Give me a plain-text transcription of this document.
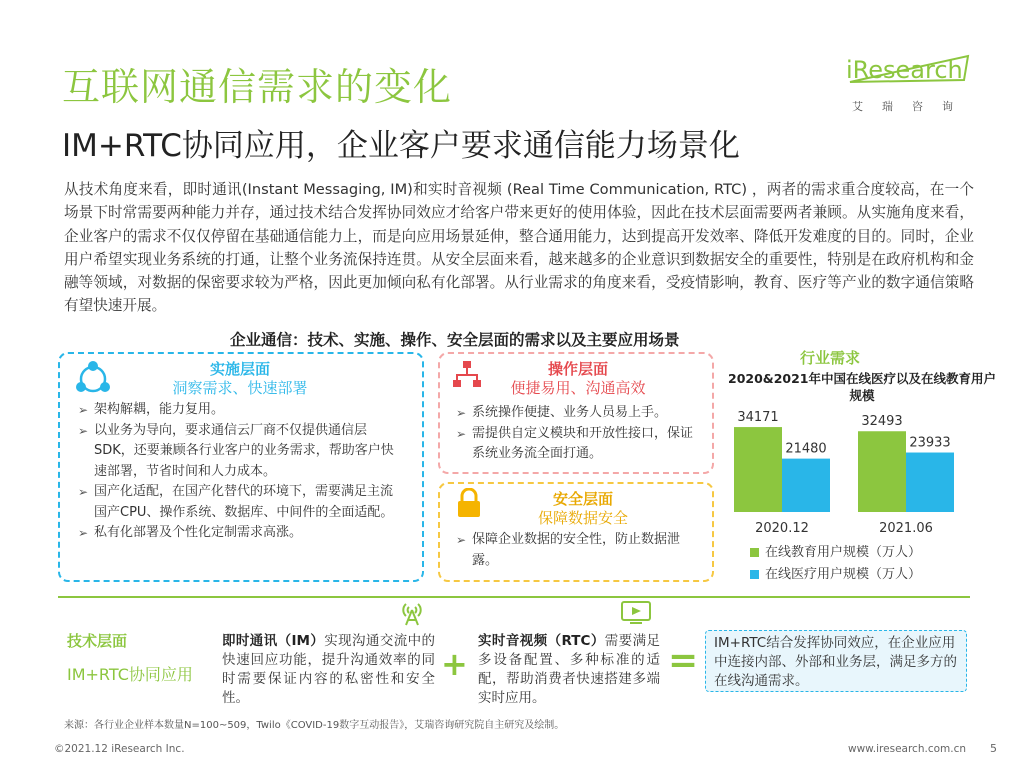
互联网通信需求的变化
IM+RTC协同应用，企业客户要求通信能力场景化
iResearch
艾瑞咨询
从技术角度来看，即时通讯(Instant Messaging, IM)和实时音视频 (Real Time Communication, RTC) ，两者的需求重合度较高，在一个场景下时常需要两种能力并存，通过技术结合发挥协同效应才给客户带来更好的使用体验，因此在技术层面需要两者兼顾。从实施角度来看，企业客户的需求不仅仅停留在基础通信能力上，而是向应用场景延伸，整合通用能力，达到提高开发效率、降低开发难度的目的。同时，企业用户希望实现业务系统的打通，让整个业务流保持连贯。从安全层面来看，越来越多的企业意识到数据安全的重要性，特别是在政府机构和金融等领域，对数据的保密要求较为严格，因此更加倾向私有化部署。从行业需求的角度来看，受疫情影响，教育、医疗等产业的数字通信策略有望快速开展。
企业通信：技术、实施、操作、安全层面的需求以及主要应用场景
实施层面
洞察需求、快速部署
➢ 架构解耦，能力复用。
➢ 以业务为导向，要求通信云厂商不仅提供通信层SDK，还要兼顾各行业客户的业务需求，帮助客户快速部署，节省时间和人力成本。
➢ 国产化适配，在国产化替代的环境下，需要满足主流国产CPU、操作系统、数据库、中间件的全面适配。
➢ 私有化部署及个性化定制需求高涨。
操作层面
便捷易用、沟通高效
➢ 系统操作便捷、业务人员易上手。
➢ 需提供自定义模块和开放性接口，保证系统业务流全面打通。
安全层面
保障数据安全
➢ 保障企业数据的安全性，防止数据泄露。
行业需求
2020&2021年中国在线医疗以及在线教育用户规模
34171
21480
2020.12
32493
23933
2021.06
在线教育用户规模（万人）
在线医疗用户规模（万人）
技术层面
IM+RTC协同应用
即时通讯（IM）实现沟通交流中的快速回应功能，提升沟通效率的同时需要保证内容的私密性和安全性。
+
实时音视频（RTC）需要满足多设备配置、多种标准的适配，帮助消费者快速搭建多端实时应用。
=	IM+RTC结合发挥协同效应，在企业应用中连接内部、外部和业务层，满足多方的在线沟通需求。
来源：各行业企业样本数量N=100~509，Twilo《COVID-19数字互动报告》，艾瑞咨询研究院自主研究及绘制。
©2021.12 iResearch Inc.	www.iresearch.com.cn 5
